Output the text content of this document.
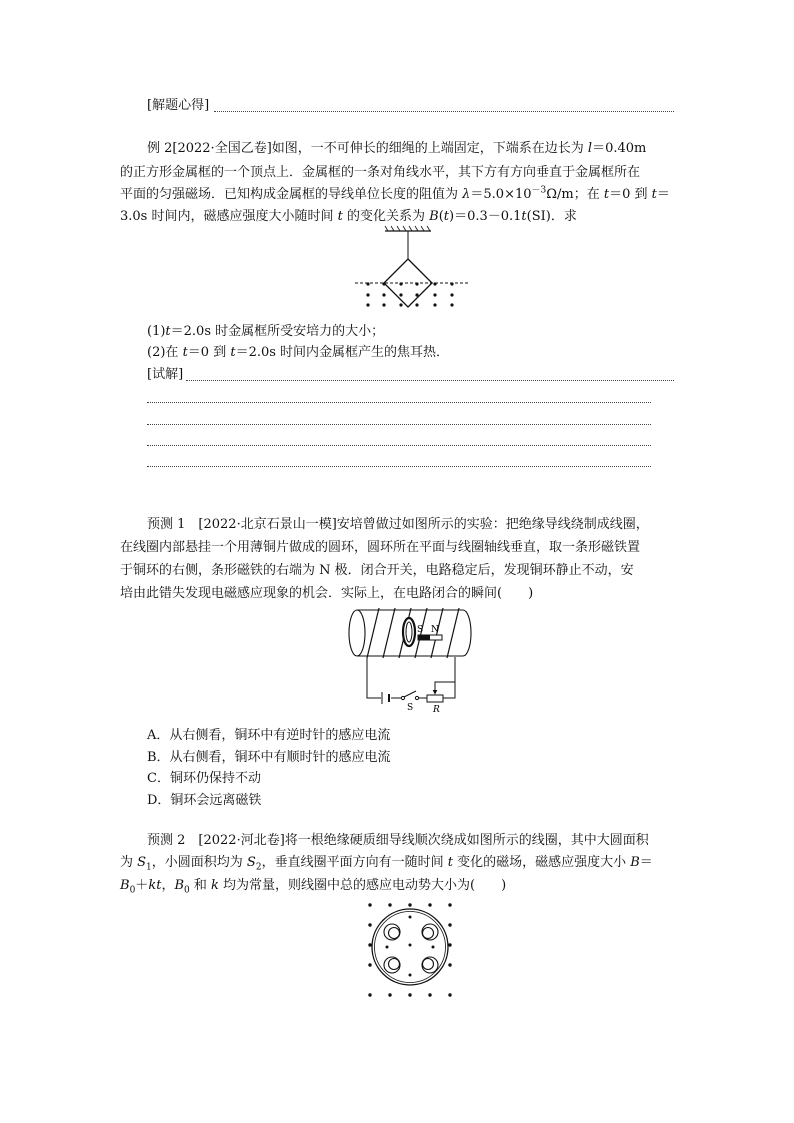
[解题心得]
例 2[2022·全国乙卷]如图，一不可伸长的细绳的上端固定，下端系在边长为 l＝0.40m
的正方形金属框的一个顶点上．金属框的一条对角线水平，其下方有方向垂直于金属框所在
平面的匀强磁场．已知构成金属框的导线单位长度的阻值为 $\lambda=5.0\times 10^{-3}\Omega/m$；在 t＝0 到 t＝
3.0s 时间内，磁感应强度大小随时间 t 的变化关系为 B(t)＝0.3－0.1t(SI)．求
(1)t＝2.0s 时金属框所受安培力的大小；
(2)在 t＝0 到 t＝2.0s 时间内金属框产生的焦耳热．
[试解]
预测 1　 [2022·北京石景山一模]安培曾做过如图所示的实验：把绝缘导线绕制成线圈，
在线圈内部悬挂一个用薄铜片做成的圆环，圆环所在平面与线圈轴线垂直，取一条形磁铁置
于铜环的右侧，条形磁铁的右端为 N 极．闭合开关，电路稳定后，发现铜环静止不动，安
培由此错失发现电磁感应现象的机会．实际上，在电路闭合的瞬间(　　)
S N
S R
A．从右侧看，铜环中有逆时针的感应电流
B．从右侧看，铜环中有顺时针的感应电流
C．铜环仍保持不动
D．铜环会远离磁铁
预测 2　 [2022·河北卷]将一根绝缘硬质细导线顺次绕成如图所示的线圈，其中大圆面积
为 $S_1$，小圆面积均为 $S_2$，垂直线圈平面方向有一随时间 t 变化的磁场，磁感应强度大小 B＝
$B_0+kt$，$B_0$ 和 k 均为常量，则线圈中总的感应电动势大小为(　　)
